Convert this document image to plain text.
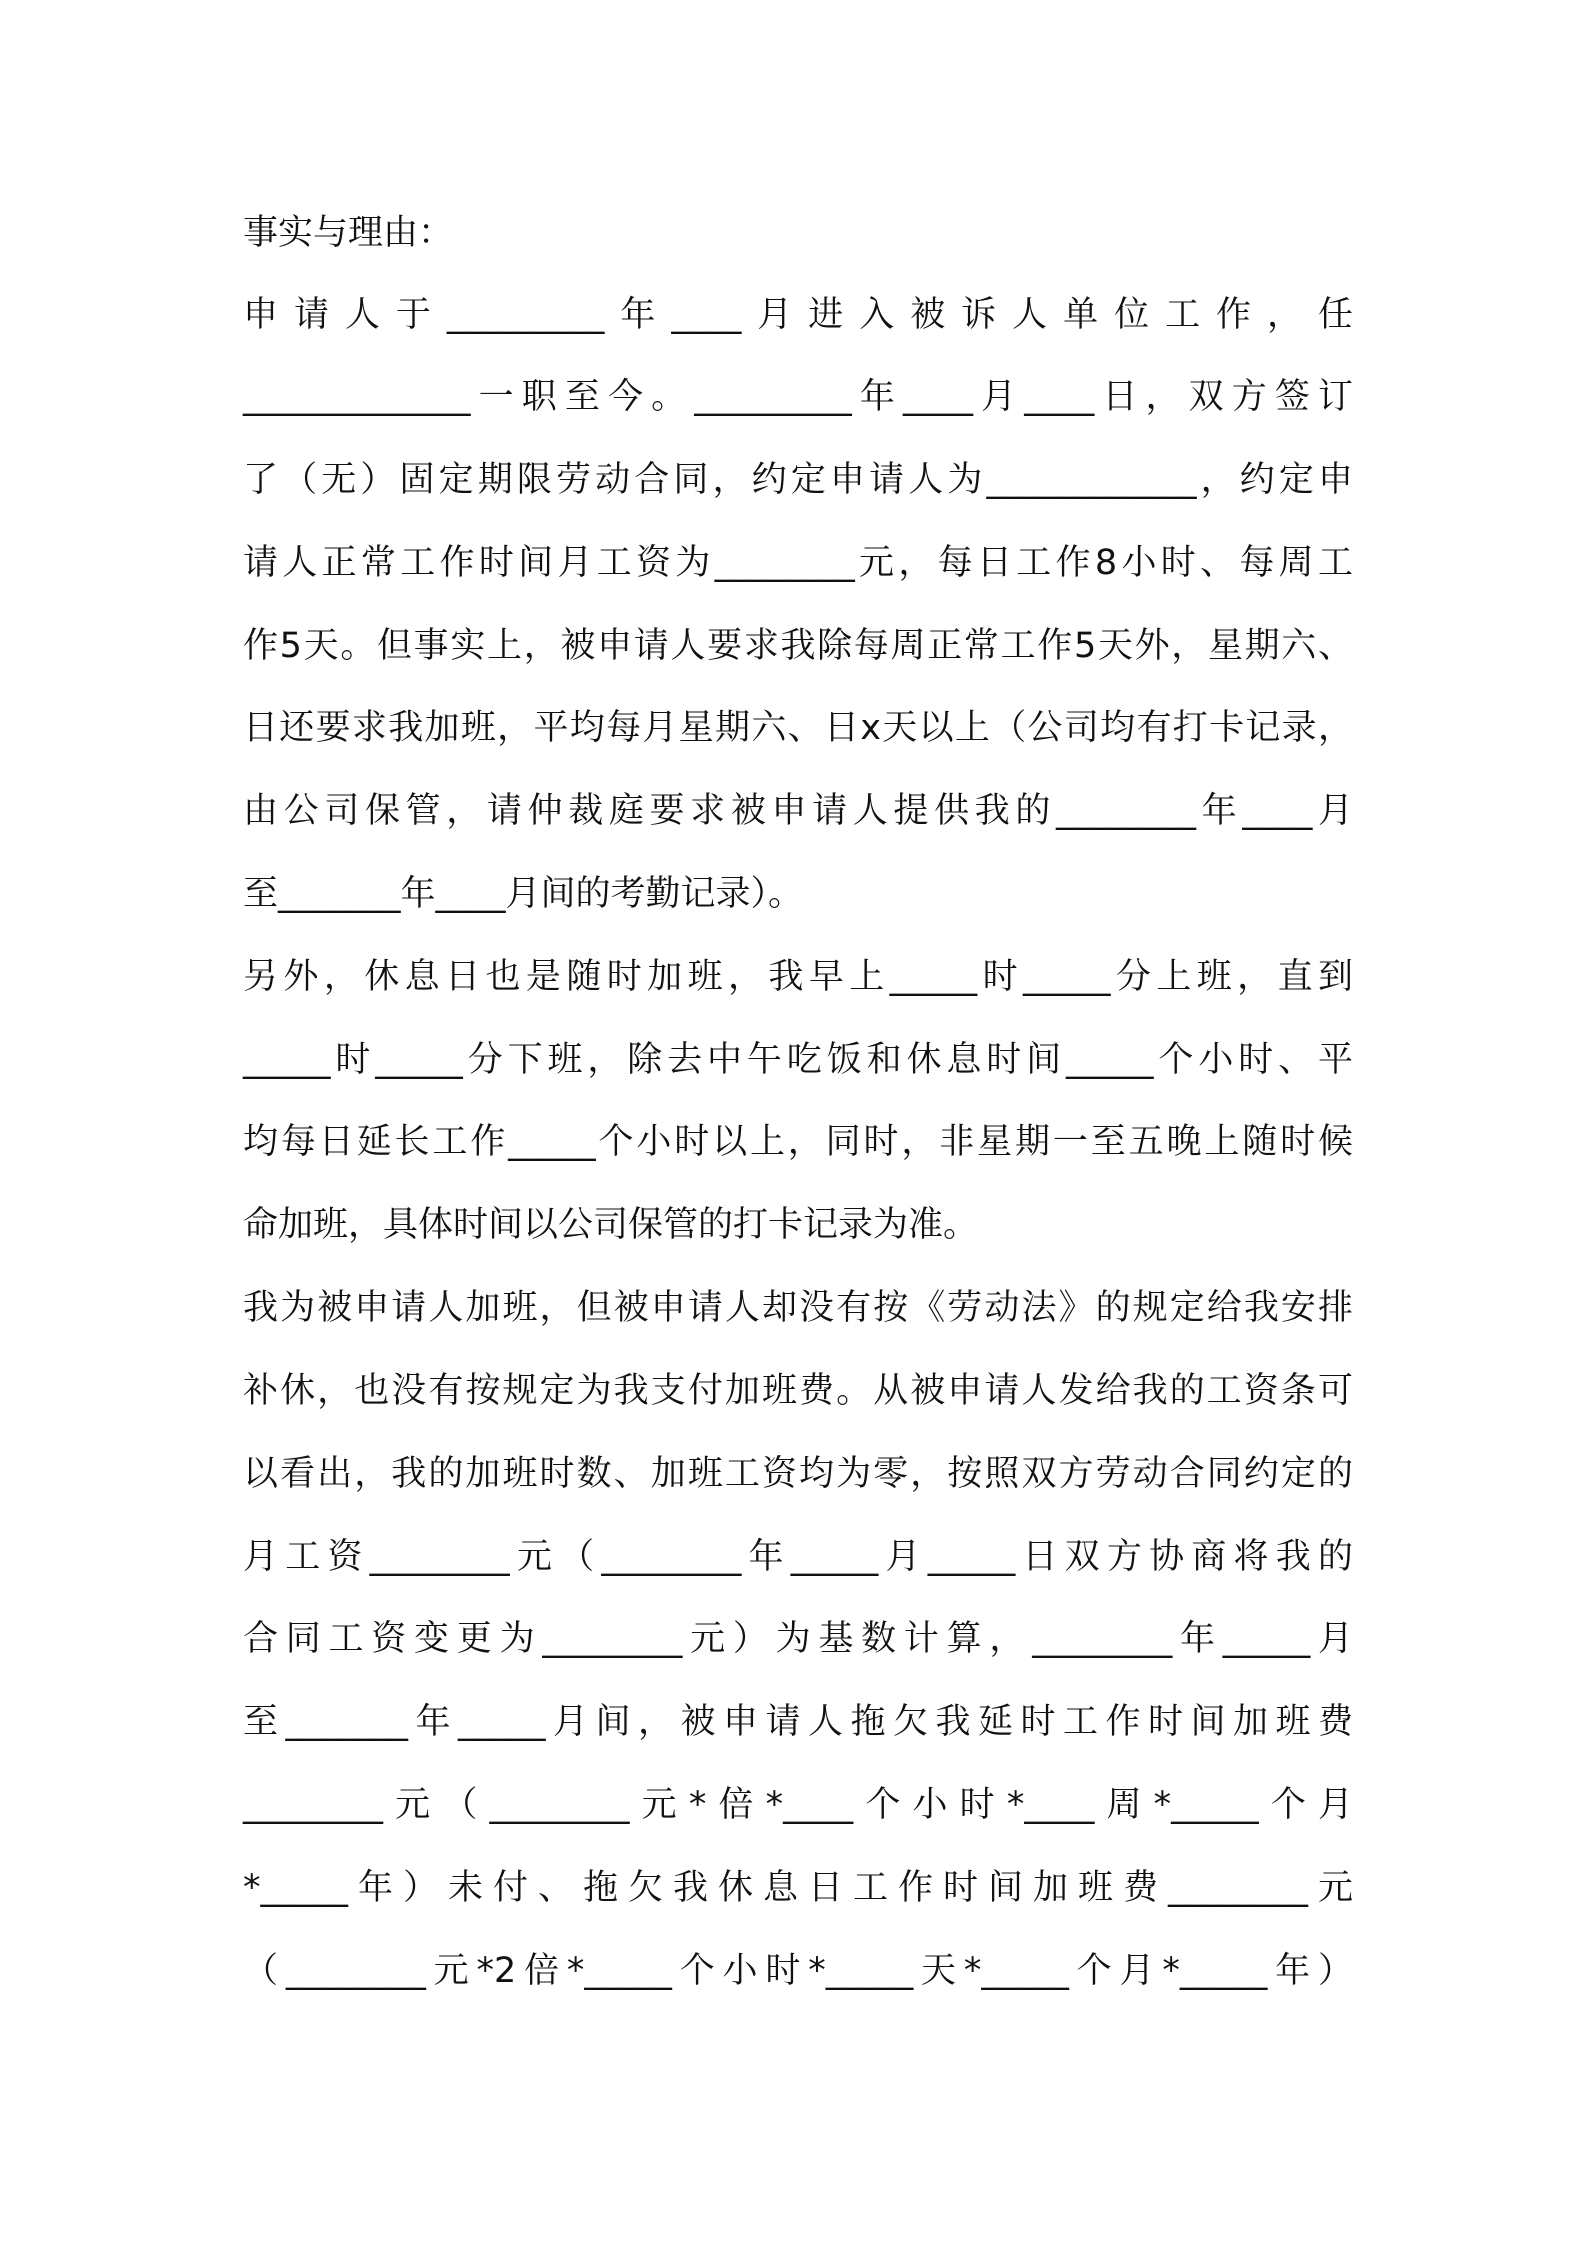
事实与理由：
申请人于_________年____月进入被诉人单位工作，任
_____________一职至今。_________年____月____日，双方签订
了（无）固定期限劳动合同，约定申请人为____________，约定申
请人正常工作时间月工资为________元，每日工作8小时、每周工
作5天。但事实上，被申请人要求我除每周正常工作5天外，星期六、
日还要求我加班，平均每月星期六、日x天以上（公司均有打卡记录，
由公司保管，请仲裁庭要求被申请人提供我的________年____月
至_______年____月间的考勤记录）。
另外，休息日也是随时加班，我早上_____时_____分上班，直到
_____时_____分下班，除去中午吃饭和休息时间_____个小时、平
均每日延长工作_____个小时以上，同时，非星期一至五晚上随时候
命加班，具体时间以公司保管的打卡记录为准。
我为被申请人加班，但被申请人却没有按《劳动法》的规定给我安排
补休，也没有按规定为我支付加班费。从被申请人发给我的工资条可
以看出，我的加班时数、加班工资均为零，按照双方劳动合同约定的
月工资________元（________年_____月_____日双方协商将我的
合同工资变更为________元）为基数计算，________年_____月
至_______年_____月间，被申请人拖欠我延时工作时间加班费
________元（________元*倍*____个小时*____周*_____个月
*_____年）未付、拖欠我休息日工作时间加班费________元
（________元*2倍*_____个小时*_____天*_____个月*_____年）
